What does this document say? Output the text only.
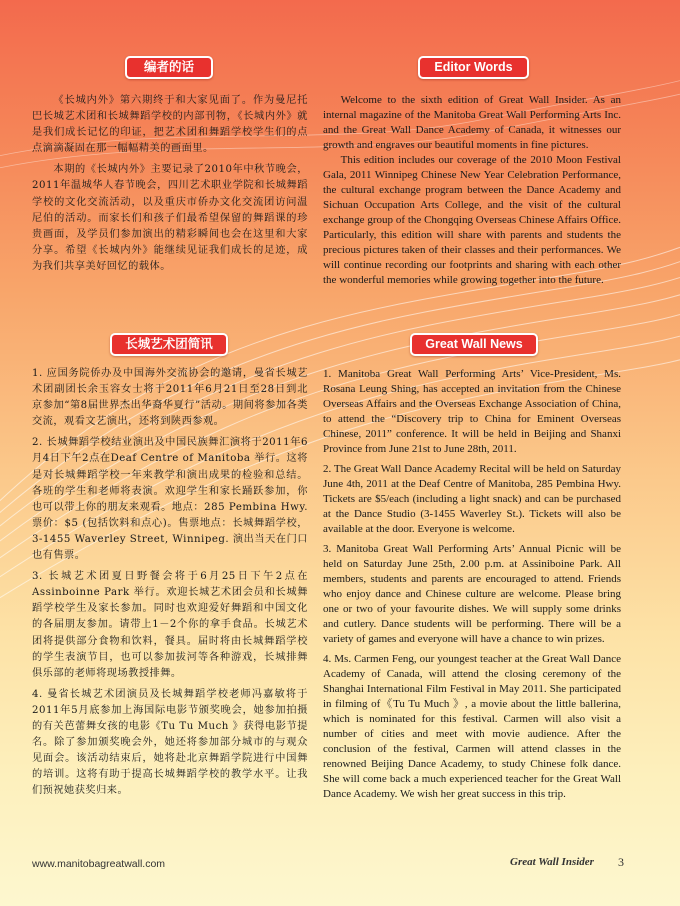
编者的话	Editor Words

《长城内外》第六期终于和大家见面了。作为曼尼托巴长城艺术团和长城舞蹈学校的内部刊物，《长城内外》就是我们成长记忆的印证，把艺术团和舞蹈学校学生们的点点滴滴凝固在那一幅幅精美的画面里。

本期的《长城内外》主要记录了2010年中秋节晚会，2011年温城华人春节晚会，四川艺术职业学院和长城舞蹈学校的文化交流活动，以及重庆市侨办文化交流团访问温尼伯的活动。而家长们和孩子们最希望保留的舞蹈课的珍贵画面，及学员们参加演出的精彩瞬间也会在这里和大家分享。希望《长城内外》能继续见证我们成长的足迹，成为我们共享美好回忆的载体。

Welcome to the sixth edition of Great Wall Insider. As an internal magazine of the Manitoba Great Wall Performing Arts Inc. and the Great Wall Dance Academy of Canada, it witnesses our growth and engraves our beautiful moments in fine pictures.

This edition includes our coverage of the 2010 Moon Festival Gala, 2011 Winnipeg Chinese New Year Celebration Performance, the cultural exchange program between the Dance Academy and Sichuan Occupation Arts College, and the visit of the cultural exchange group of the Chongqing Overseas Chinese Affairs Office. Particularly, this edition will share with parents and students the precious pictures taken of their classes and their performances. We will continue recording our footprints and sharing with each other the wonderful memories while growing together into the future.

长城艺术团简讯	Great Wall News

1. 应国务院侨办及中国海外交流协会的邀请，曼省长城艺术团副团长余玉容女士将于2011年6月21日至28日到北京参加“第8届世界杰出华裔华夏行”活动。期间将参加各类交流，观看文艺演出，还将到陕西参观。

2. 长城舞蹈学校结业演出及中国民族舞汇演将于2011年6月4日下午2点在Deaf Centre of Manitoba 举行。这将是对长城舞蹈学校一年来教学和演出成果的检验和总结。各班的学生和老师将表演。欢迎学生和家长踊跃参加，你也可以带上你的朋友来观看。地点：285 Pembina Hwy. 票价：$5 (包括饮料和点心)。售票地点：长城舞蹈学校，3-1455 Waverley Street, Winnipeg. 演出当天在门口也有售票。

3. 长城艺术团夏日野餐会将于6月25日下午2点在Assinboinne Park 举行。欢迎长城艺术团会员和长城舞蹈学校学生及家长参加。同时也欢迎爱好舞蹈和中国文化的各届朋友参加。请带上1－2个你的拿手食品。长城艺术团将提供部分食物和饮料，餐具。届时将由长城舞蹈学校的学生表演节目，也可以参加拔河等各种游戏，长城排舞俱乐部的老师将现场教授排舞。

4. 曼省长城艺术团演员及长城舞蹈学校老师冯嘉敏将于2011年5月底参加上海国际电影节颁奖晚会，她参加拍摄的有关芭蕾舞女孩的电影《Tu Tu Much 》获得电影节提名。除了参加颁奖晚会外，她还将参加部分城市的与观众见面会。该活动结束后，她将赴北京舞蹈学院进行中国舞的培训。这将有助于提高长城舞蹈学校的教学水平。让我们预祝她获奖归来。

1. Manitoba Great Wall Performing Arts’ Vice-President, Ms. Rosana Leung Shing, has accepted an invitation from the Chinese Overseas Affairs and the Overseas Exchange Association of China, to attend the “Discovery trip to China for Eminent Overseas Chinese, 2011” conference. It will be held in Beijing and Shanxi Province from June 21st to June 28th, 2011.

2. The Great Wall Dance Academy Recital will be held on Saturday June 4th, 2011 at the Deaf Centre of Manitoba, 285 Pembina Hwy. Tickets are $5/each (including a light snack) and can be purchased at the Dance Studio (3-1455 Waverley St.). Tickets will also be available at the door. Everyone is welcome.

3. Manitoba Great Wall Performing Arts’ Annual Picnic will be held on Saturday June 25th, 2.00 p.m. at Assiniboine Park. All members, students and parents are encouraged to attend. Friends who enjoy dance and Chinese culture are welcome. Please bring one or two of your favourite dishes. We will supply some drinks and cutlery. Dance students will be performing. There will be a variety of games and everyone will have a chance to win prizes.

4. Ms. Carmen Feng, our youngest teacher at the Great Wall Dance Academy of Canada, will attend the closing ceremony of the Shanghai International Film Festival in May 2011. She participated in filming of《Tu Tu Much 》, a movie about the little ballerina, which is nominated for this festival. Carmen will also visit a number of cities and meet with movie audience. After the conclusion of the festival, Carmen will attend classes in the renowned Beijing Dance Academy, to study Chinese folk dance. She will come back a much experienced teacher for the Great Wall Dance Academy. We wish her great success in this trip.

www.manitobagreatwall.com	Great Wall Insider 3
